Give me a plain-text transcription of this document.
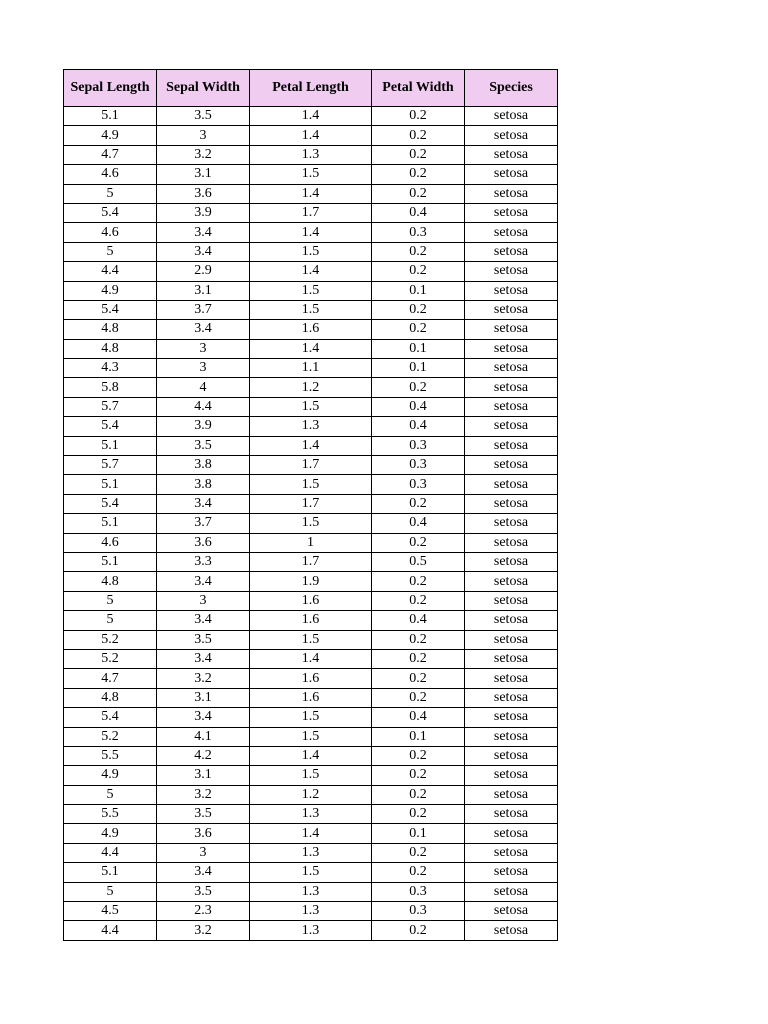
Sepal Length	Sepal Width	Petal Length	Petal Width	Species
5.1	3.5	1.4	0.2	setosa
4.9	3	1.4	0.2	setosa
4.7	3.2	1.3	0.2	setosa
4.6	3.1	1.5	0.2	setosa
5	3.6	1.4	0.2	setosa
5.4	3.9	1.7	0.4	setosa
4.6	3.4	1.4	0.3	setosa
5	3.4	1.5	0.2	setosa
4.4	2.9	1.4	0.2	setosa
4.9	3.1	1.5	0.1	setosa
5.4	3.7	1.5	0.2	setosa
4.8	3.4	1.6	0.2	setosa
4.8	3	1.4	0.1	setosa
4.3	3	1.1	0.1	setosa
5.8	4	1.2	0.2	setosa
5.7	4.4	1.5	0.4	setosa
5.4	3.9	1.3	0.4	setosa
5.1	3.5	1.4	0.3	setosa
5.7	3.8	1.7	0.3	setosa
5.1	3.8	1.5	0.3	setosa
5.4	3.4	1.7	0.2	setosa
5.1	3.7	1.5	0.4	setosa
4.6	3.6	1	0.2	setosa
5.1	3.3	1.7	0.5	setosa
4.8	3.4	1.9	0.2	setosa
5	3	1.6	0.2	setosa
5	3.4	1.6	0.4	setosa
5.2	3.5	1.5	0.2	setosa
5.2	3.4	1.4	0.2	setosa
4.7	3.2	1.6	0.2	setosa
4.8	3.1	1.6	0.2	setosa
5.4	3.4	1.5	0.4	setosa
5.2	4.1	1.5	0.1	setosa
5.5	4.2	1.4	0.2	setosa
4.9	3.1	1.5	0.2	setosa
5	3.2	1.2	0.2	setosa
5.5	3.5	1.3	0.2	setosa
4.9	3.6	1.4	0.1	setosa
4.4	3	1.3	0.2	setosa
5.1	3.4	1.5	0.2	setosa
5	3.5	1.3	0.3	setosa
4.5	2.3	1.3	0.3	setosa
4.4	3.2	1.3	0.2	setosa
